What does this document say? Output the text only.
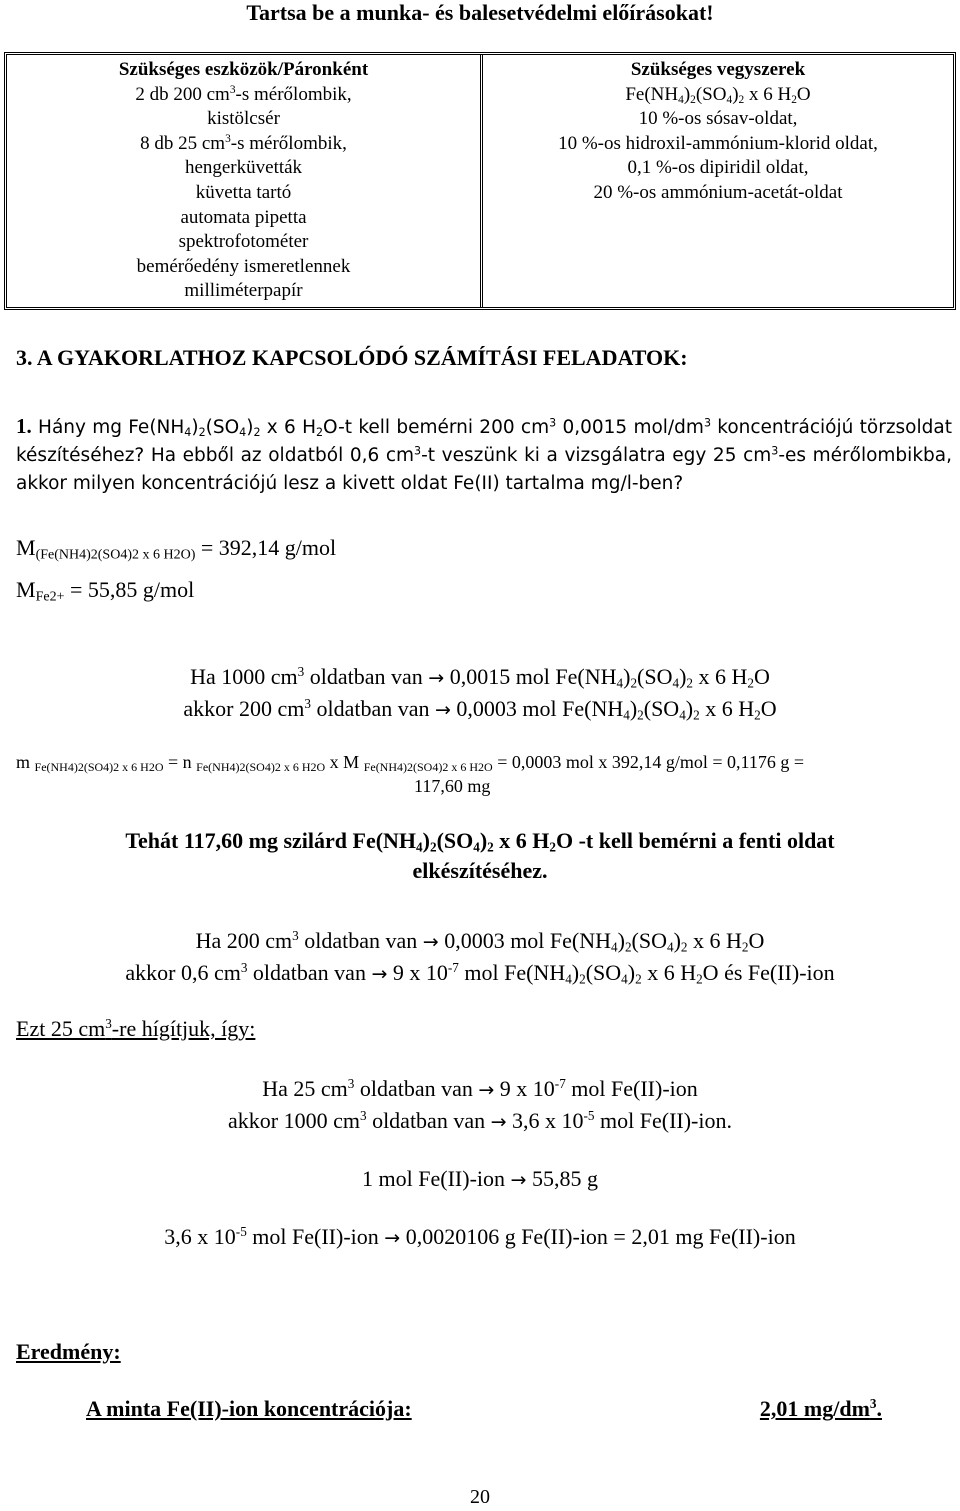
Tartsa be a munka- és balesetvédelmi előírásokat!
Szükséges eszközök/Páronként
2 db 200 $cm^3-s$ mérőlombik,
kistölcsér
8 db 25 $cm^3-s$ mérőlombik,
hengerküvetták
küvetta tartó
automata pipetta
spektrofotométer
bemérőedény ismeretlennek
milliméterpapír
Szükséges vegyszerek
$Fe(NH_4)_2(SO_4)_2$ x 6 $H_2O$
10 %-os sósav-oldat,
10 %-os hidroxil-ammónium-klorid oldat,
0,1 %-os dipiridil oldat,
20 %-os ammónium-acetát-oldat
3. A GYAKORLATHOZ KAPCSOLÓDÓ SZÁMÍTÁSI FELADATOK:
1. Hány mg $Fe(NH_4)_2(SO_4)_2$ x 6 $H_2O-t$ kell bemérni 200 $cm^3$ 0,0015 mol/$dm^3$ koncentrációjú törzsoldat készítéséhez? Ha ebből az oldatból 0,6 $cm^3-t$ veszünk ki a vizsgálatra egy 25 $cm^3-es$ mérőlombikba, akkor milyen koncentrációjú lesz a kivett oldat Fe(II) tartalma mg/l-ben?
$M_{(Fe(NH4)2(SO4)2 x 6 H2O)} = 392,14$ g/mol
$M_{Fe2+} = 55,85$ g/mol
Ha 1000 $cm^3$ oldatban van → 0,0015 mol $Fe(NH_4)_2(SO_4)_2$ x 6 $H_2O$
akkor 200 $cm^3$ oldatban van → 0,0003 mol $Fe(NH_4)_2(SO_4)_2$ x 6 $H_2O$
m $_{Fe(NH4)2(SO4)2 x 6 H2O}$ = n $_{Fe(NH4)2(SO4)2 x 6 H2O}$ x M $_{Fe(NH4)2(SO4)2 x 6 H2O}$ = 0,0003 mol x 392,14 g/mol = 0,1176 g =
117,60 mg
Tehát 117,60 mg szilárd $Fe(NH_4)_2(SO_4)_2$ x 6 $H_2O$ -t kell bemérni a fenti oldat
elkészítéséhez.
Ha 200 $cm^3$ oldatban van → 0,0003 mol $Fe(NH_4)_2(SO_4)_2$ x 6 $H_2O$
akkor 0,6 $cm^3$ oldatban van → 9 x $10^{-7}$ mol $Fe(NH_4)_2(SO_4)_2$ x 6 $H_2O$ és Fe(II)-ion
Ezt 25 $cm^3-re$ hígítjuk, így:
Ha 25 $cm^3$ oldatban van → 9 x $10^{-7}$ mol Fe(II)-ion
akkor 1000 $cm^3$ oldatban van → 3,6 x $10^{-5}$ mol Fe(II)-ion.
1 mol Fe(II)-ion → 55,85 g
3,6 x $10^{-5}$ mol Fe(II)-ion → 0,0020106 g Fe(II)-ion = 2,01 mg Fe(II)-ion
Eredmény:
A minta Fe(II)-ion koncentrációja:	2,01 $mg/dm^3$.
20
